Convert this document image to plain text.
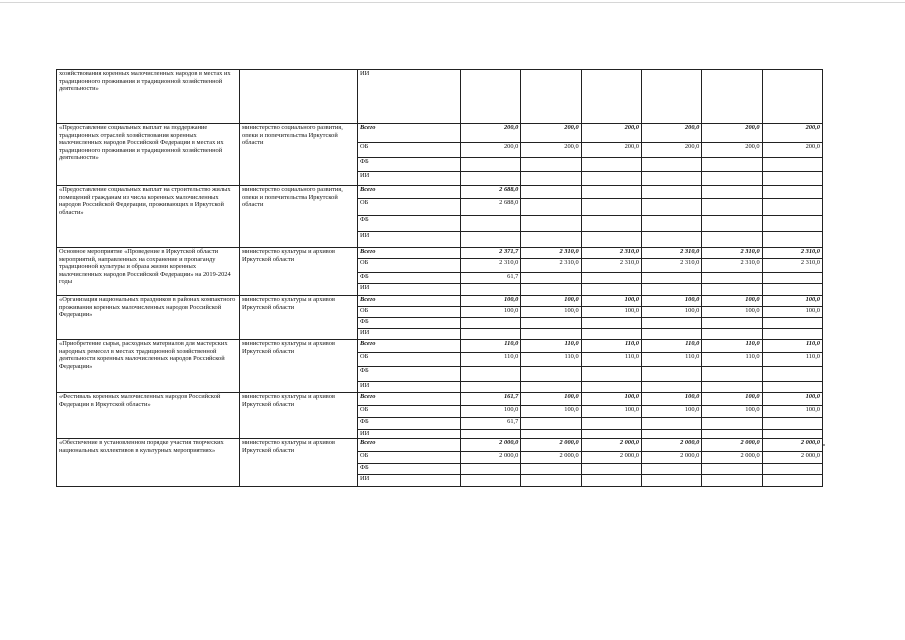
хозяйствования коренных малочисленных народов в местах их традиционного проживания и традиционной хозяйственной деятельности»		ИИ						
«Предоставление социальных выплат на поддержание традиционных отраслей хозяйствования коренных малочисленных народов Российской Федерации в местах их традиционного проживания и традиционной хозяйственной деятельности»	министерство социального развития, опеки и попечительства Иркутской области	Всего	200,0	200,0	200,0	200,0	200,0	200,0
		ОБ	200,0	200,0	200,0	200,0	200,0	200,0
		ФБ						
		ИИ						
«Предоставление социальных выплат на строительство жилых помещений гражданам из числа коренных малочисленных народов Российской Федерации, проживающих в Иркутской области»	министерство социального развития, опеки и попечительства Иркутской области	Всего	2 688,0					
		ОБ	2 688,0					
		ФБ						
		ИИ						
Основное мероприятие «Проведение в Иркутской области мероприятий, направленных на сохранение и пропаганду традиционной культуры и образа жизни коренных малочисленных народов Российской Федерации» на 2019-2024 годы	министерство культуры и архивов Иркутской области	Всего	2 371,7	2 310,0	2 310,0	2 310,0	2 310,0	2 310,0
		ОБ	2 310,0	2 310,0	2 310,0	2 310,0	2 310,0	2 310,0
		ФБ	61,7					
		ИИ						
«Организация национальных праздников в районах компактного проживания коренных малочисленных народов Российской Федерации»	министерство культуры и архивов Иркутской области	Всего	100,0	100,0	100,0	100,0	100,0	100,0
		ОБ	100,0	100,0	100,0	100,0	100,0	100,0
		ФБ						
		ИИ						
«Приобретение сырья, расходных материалов для мастерских народных ремесел в местах традиционной хозяйственной деятельности коренных малочисленных народов Российской Федерации»	министерство культуры и архивов Иркутской области	Всего	110,0	110,0	110,0	110,0	110,0	110,0
		ОБ	110,0	110,0	110,0	110,0	110,0	110,0
		ФБ						
		ИИ						
«Фестиваль коренных малочисленных народов Российской Федерации в Иркутской области»	министерство культуры и архивов Иркутской области	Всего	161,7	100,0	100,0	100,0	100,0	100,0
		ОБ	100,0	100,0	100,0	100,0	100,0	100,0
		ФБ	61,7					
		ИИ						
«Обеспечение в установленном порядке участия творческих национальных коллективов в культурных мероприятиях»	министерство культуры и архивов Иркутской области	Всего	2 000,0	2 000,0	2 000,0	2 000,0	2 000,0	2 000,0
		ОБ	2 000,0	2 000,0	2 000,0	2 000,0	2 000,0	2 000,0
		ФБ						
		ИИ						
